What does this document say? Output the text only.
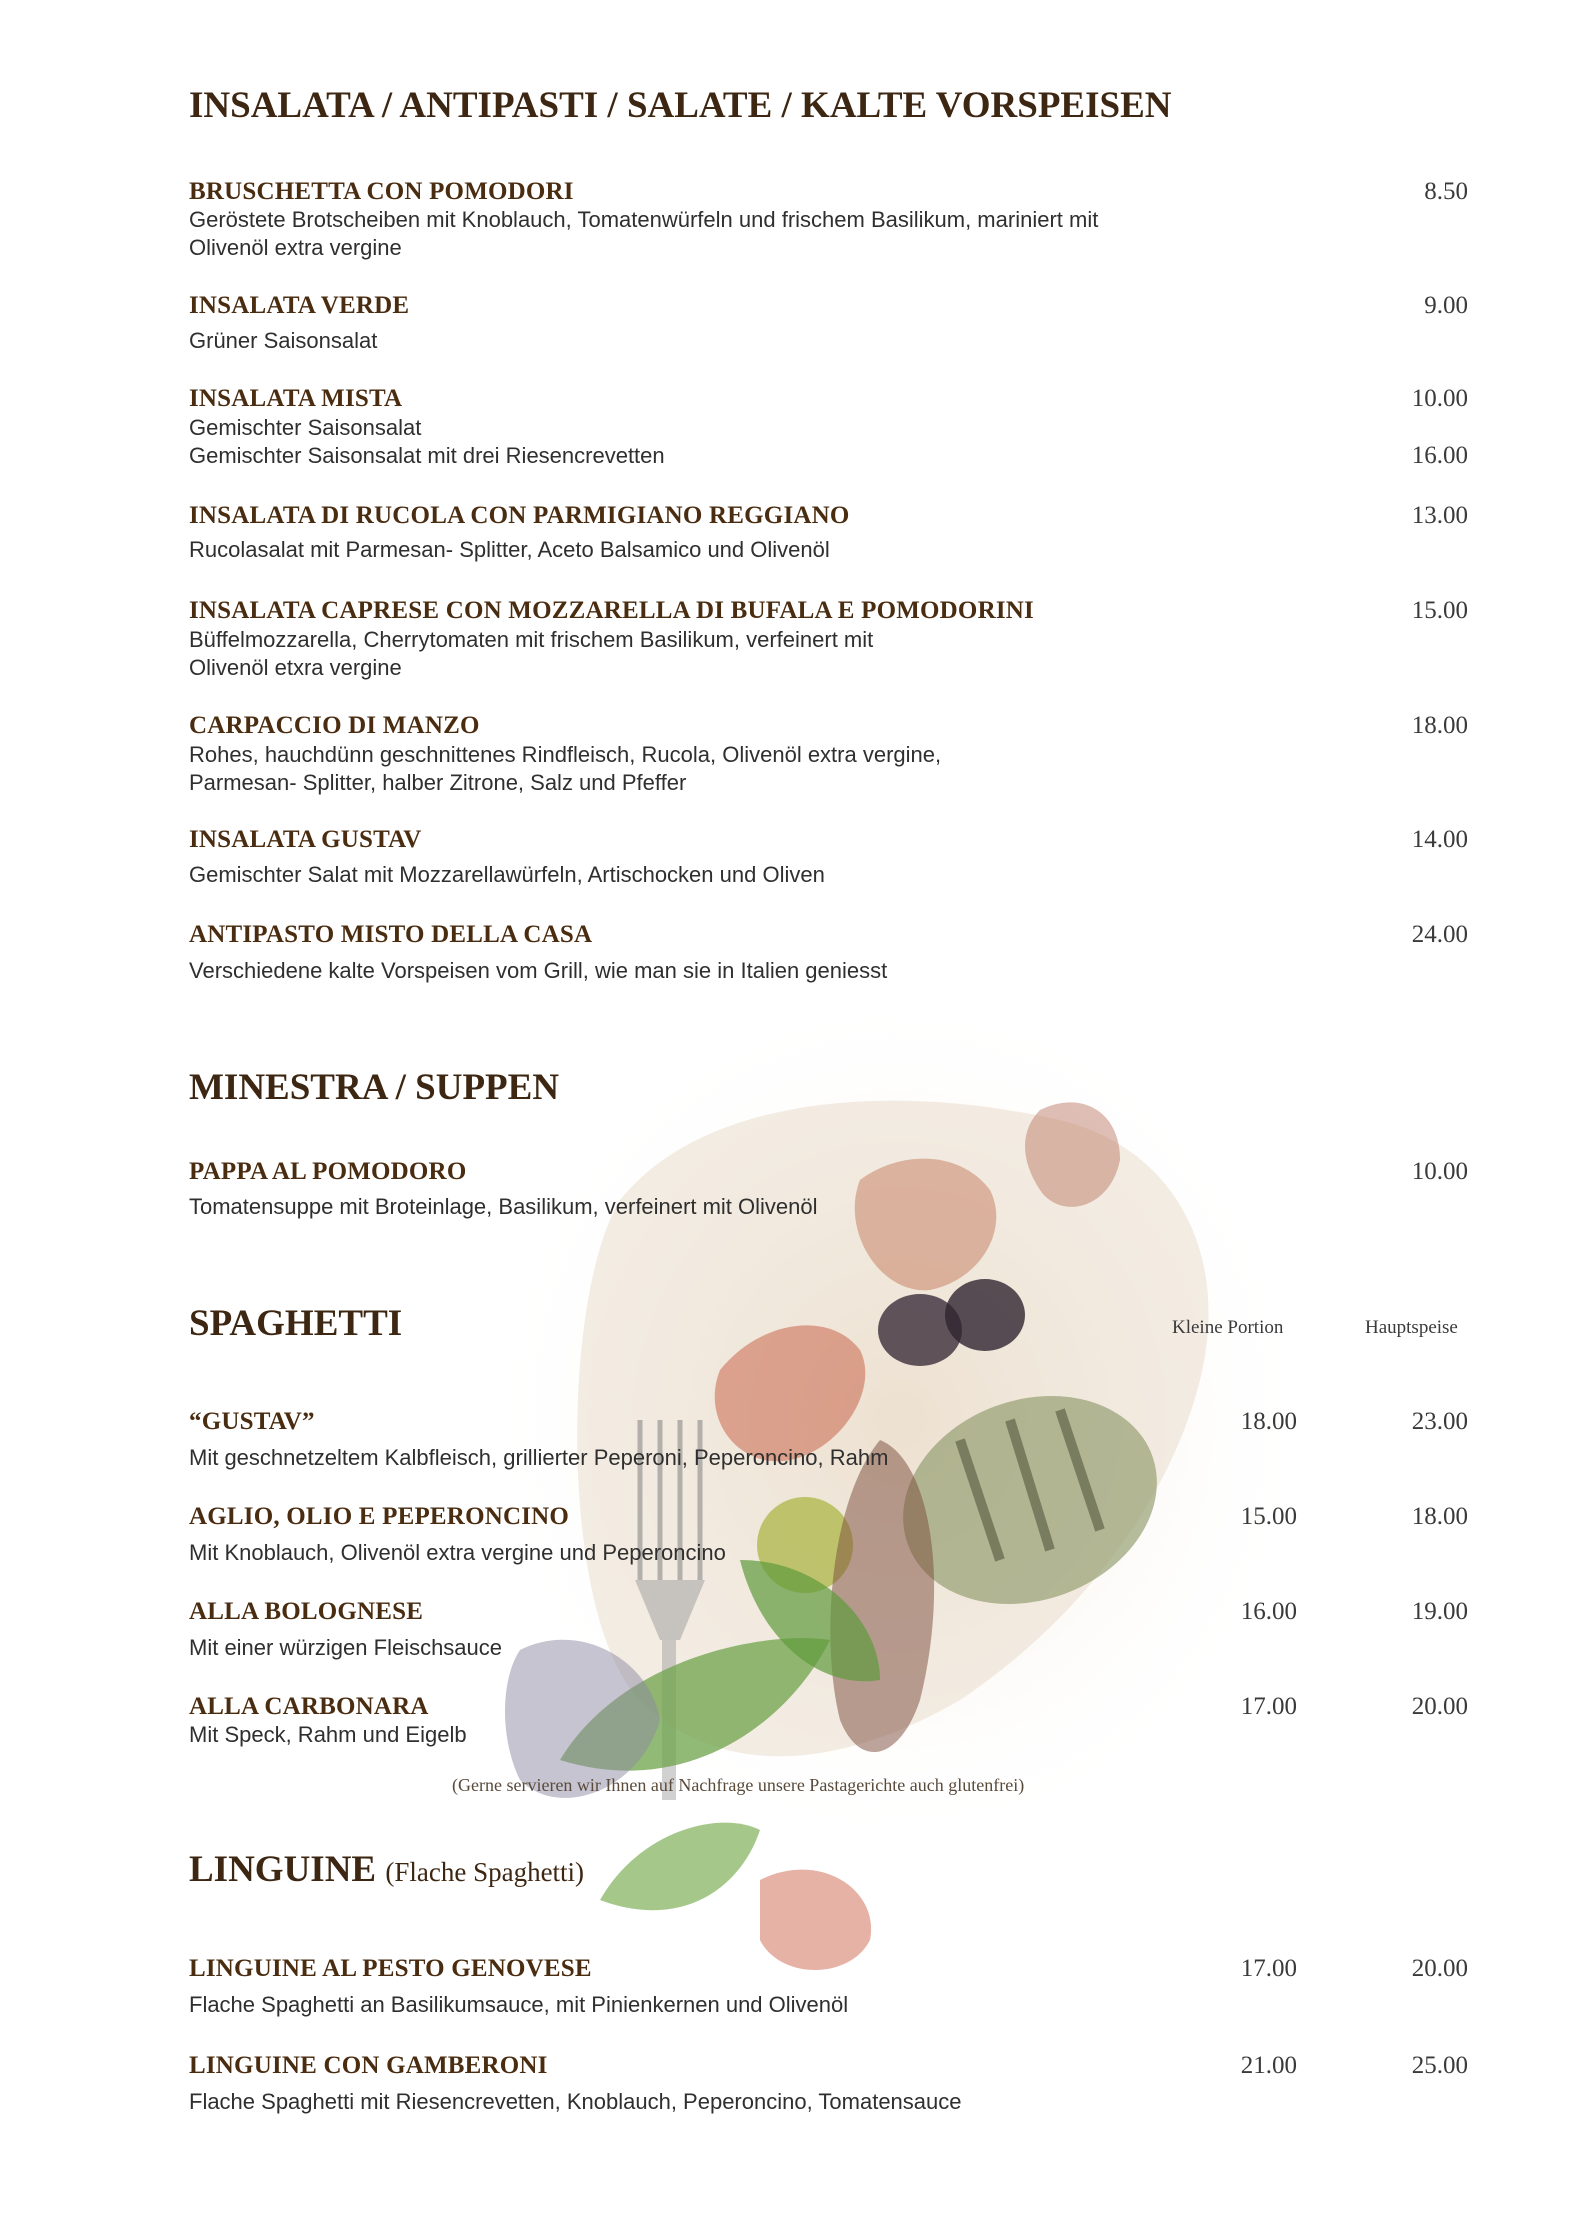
INSALATA / ANTIPASTI / SALATE / KALTE VORSPEISEN
BRUSCHETTA CON POMODORI	8.50
Geröstete Brotscheiben mit Knoblauch, Tomatenwürfeln und frischem Basilikum, mariniert mit
Olivenöl extra vergine
INSALATA VERDE	9.00
Grüner Saisonsalat
INSALATA MISTA	10.00
Gemischter Saisonsalat
Gemischter Saisonsalat mit drei Riesencrevetten	16.00
INSALATA DI RUCOLA CON PARMIGIANO REGGIANO	13.00
Rucolasalat mit Parmesan- Splitter, Aceto Balsamico und Olivenöl
INSALATA CAPRESE CON MOZZARELLA DI BUFALA E POMODORINI	15.00
Büffelmozzarella, Cherrytomaten mit frischem Basilikum, verfeinert mit
Olivenöl etxra vergine
CARPACCIO DI MANZO	18.00
Rohes, hauchdünn geschnittenes Rindfleisch, Rucola, Olivenöl extra vergine,
Parmesan- Splitter, halber Zitrone, Salz und Pfeffer
INSALATA GUSTAV	14.00
Gemischter Salat mit Mozzarellawürfeln, Artischocken und Oliven
ANTIPASTO MISTO DELLA CASA	24.00
Verschiedene kalte Vorspeisen vom Grill, wie man sie in Italien geniesst
MINESTRA / SUPPEN
PAPPA AL POMODORO	10.00
Tomatensuppe mit Broteinlage, Basilikum, verfeinert mit Olivenöl
SPAGHETTI	Kleine Portion	Hauptspeise
“GUSTAV”	18.00	23.00
Mit geschnetzeltem Kalbfleisch, grillierter Peperoni, Peperoncino, Rahm
AGLIO, OLIO E PEPERONCINO	15.00	18.00
Mit Knoblauch, Olivenöl extra vergine und Peperoncino
ALLA BOLOGNESE	16.00	19.00
Mit einer würzigen Fleischsauce
ALLA CARBONARA	17.00	20.00
Mit Speck, Rahm und Eigelb
(Gerne servieren wir Ihnen auf Nachfrage unsere Pastagerichte auch glutenfrei)
LINGUINE (Flache Spaghetti)
LINGUINE AL PESTO GENOVESE	17.00	20.00
Flache Spaghetti an Basilikumsauce, mit Pinienkernen und Olivenöl
LINGUINE CON GAMBERONI	21.00	25.00
Flache Spaghetti mit Riesencrevetten, Knoblauch, Peperoncino, Tomatensauce
